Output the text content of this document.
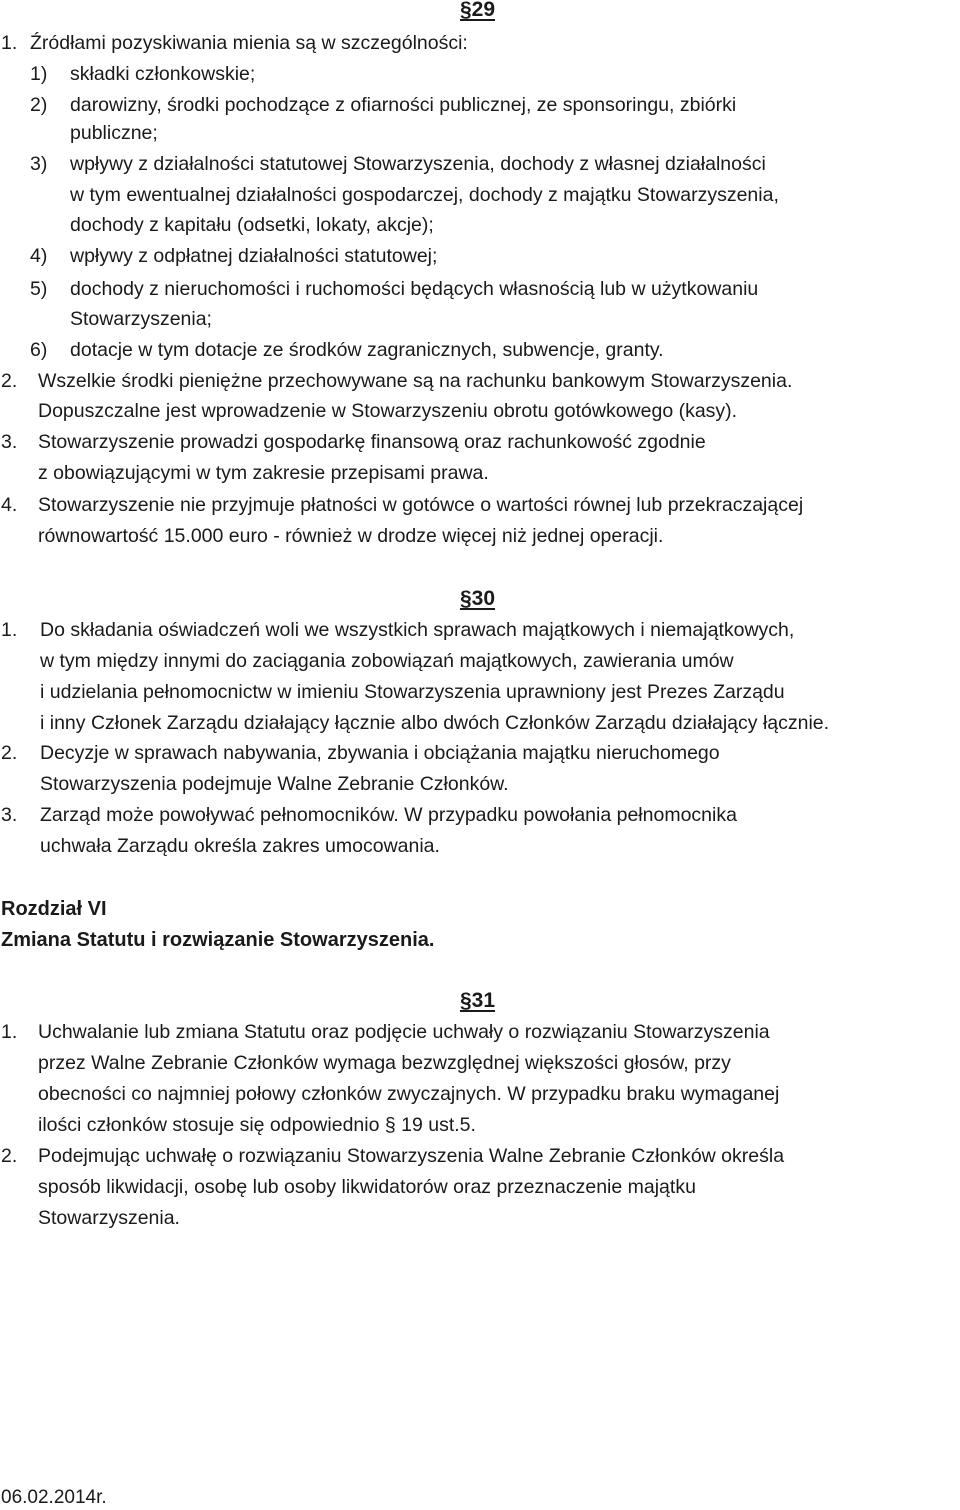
§29
1. Źródłami pozyskiwania mienia są w szczególności:
1) składki członkowskie;
2) darowizny, środki pochodzące z ofiarności publicznej, ze sponsoringu, zbiórki
publiczne;
3) wpływy z działalności statutowej Stowarzyszenia, dochody z własnej działalności
w tym ewentualnej działalności gospodarczej, dochody z majątku Stowarzyszenia,
dochody z kapitału (odsetki, lokaty, akcje);
4) wpływy z odpłatnej działalności statutowej;
5) dochody z nieruchomości i ruchomości będących własnością lub w użytkowaniu
Stowarzyszenia;
6) dotacje w tym dotacje ze środków zagranicznych, subwencje, granty.
2. Wszelkie środki pieniężne przechowywane są na rachunku bankowym Stowarzyszenia.
Dopuszczalne jest wprowadzenie w Stowarzyszeniu obrotu gotówkowego (kasy).
3. Stowarzyszenie prowadzi gospodarkę finansową oraz rachunkowość zgodnie
z obowiązującymi w tym zakresie przepisami prawa.
4. Stowarzyszenie nie przyjmuje płatności w gotówce o wartości równej lub przekraczającej
równowartość 15.000 euro - również w drodze więcej niż jednej operacji.
§30
1. Do składania oświadczeń woli we wszystkich sprawach majątkowych i niemajątkowych,
w tym między innymi do zaciągania zobowiązań majątkowych, zawierania umów
i udzielania pełnomocnictw w imieniu Stowarzyszenia uprawniony jest Prezes Zarządu
i inny Członek Zarządu działający łącznie albo dwóch Członków Zarządu działający łącznie.
2. Decyzje w sprawach nabywania, zbywania i obciążania majątku nieruchomego
Stowarzyszenia podejmuje Walne Zebranie Członków.
3. Zarząd może powoływać pełnomocników. W przypadku powołania pełnomocnika
uchwała Zarządu określa zakres umocowania.
Rozdział VI
Zmiana Statutu i rozwiązanie Stowarzyszenia.
§31
1. Uchwalanie lub zmiana Statutu oraz podjęcie uchwały o rozwiązaniu Stowarzyszenia
przez Walne Zebranie Członków wymaga bezwzględnej większości głosów, przy
obecności co najmniej połowy członków zwyczajnych. W przypadku braku wymaganej
ilości członków stosuje się odpowiednio § 19 ust.5.
2. Podejmując uchwałę o rozwiązaniu Stowarzyszenia Walne Zebranie Członków określa
sposób likwidacji, osobę lub osoby likwidatorów oraz przeznaczenie majątku
Stowarzyszenia.
06.02.2014r.
